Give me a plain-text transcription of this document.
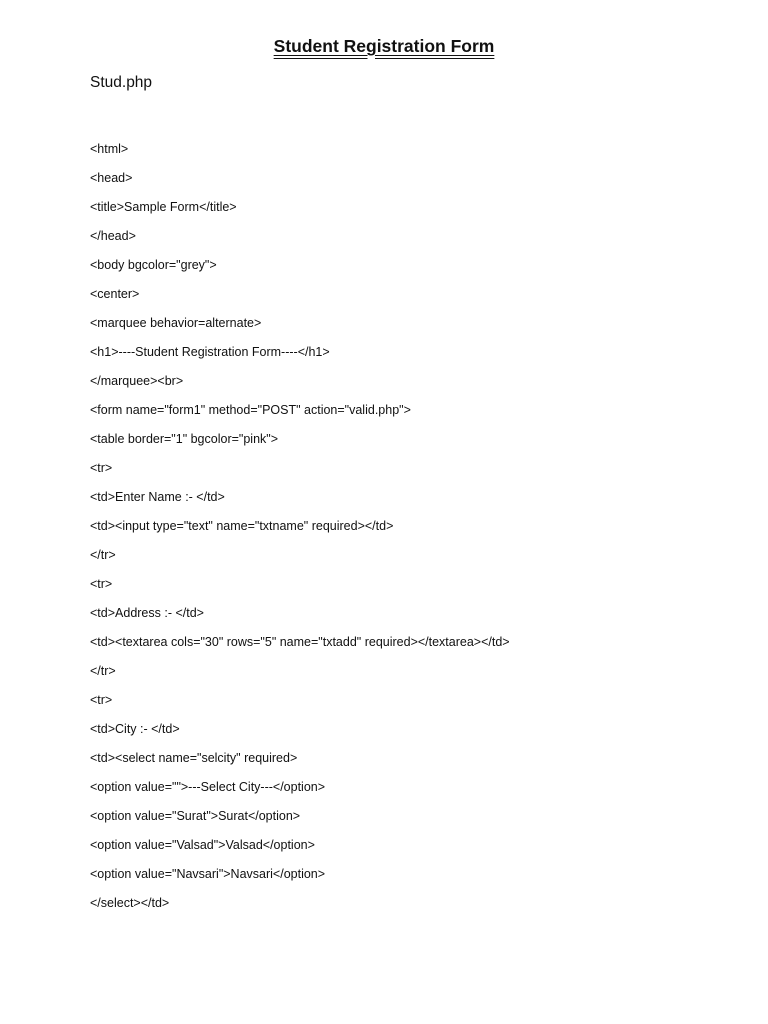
Student Registration Form

Stud.php

<html>
<head>
<title>Sample Form</title>
</head>
<body bgcolor="grey">
<center>
<marquee behavior=alternate>
<h1>----Student Registration Form----</h1>
</marquee><br>
<form name="form1" method="POST" action="valid.php">
<table border="1" bgcolor="pink">
<tr>
<td>Enter Name :- </td>
<td><input type="text" name="txtname" required></td>
</tr>
<tr>
<td>Address :- </td>
<td><textarea cols="30" rows="5" name="txtadd" required></textarea></td>
</tr>
<tr>
<td>City :- </td>
<td><select name="selcity" required>
<option value="">---Select City---</option>
<option value="Surat">Surat</option>
<option value="Valsad">Valsad</option>
<option value="Navsari">Navsari</option>
</select></td>
